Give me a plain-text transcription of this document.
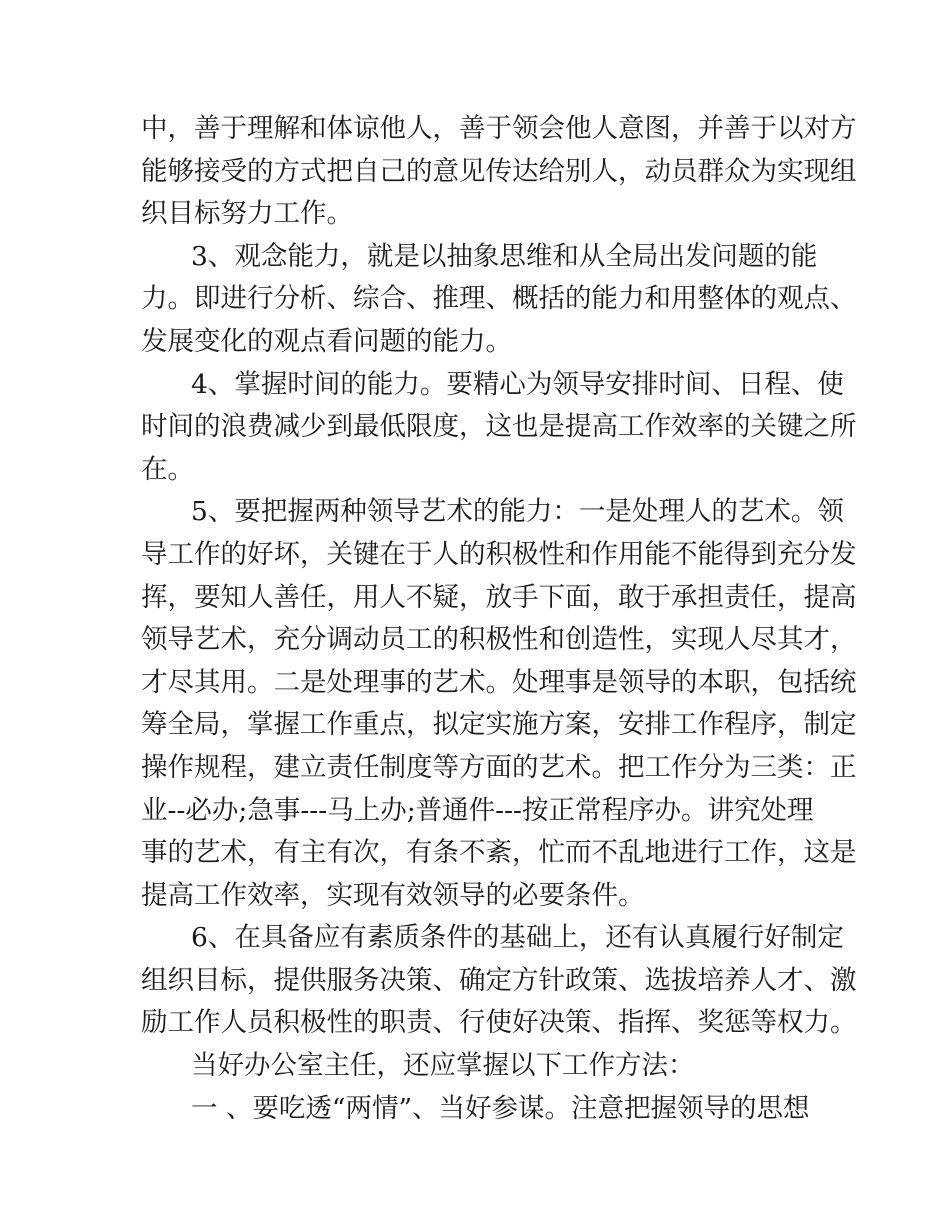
中，善于理解和体谅他人，善于领会他人意图，并善于以对方
能够接受的方式把自己的意见传达给别人，动员群众为实现组
织目标努力工作。
3、观念能力，就是以抽象思维和从全局出发问题的能
力。即进行分析、综合、推理、概括的能力和用整体的观点、
发展变化的观点看问题的能力。
4、掌握时间的能力。要精心为领导安排时间、日程、使
时间的浪费减少到最低限度，这也是提高工作效率的关键之所
在。
5、要把握两种领导艺术的能力：一是处理人的艺术。领
导工作的好坏，关键在于人的积极性和作用能不能得到充分发
挥，要知人善任，用人不疑，放手下面，敢于承担责任，提高
领导艺术，充分调动员工的积极性和创造性，实现人尽其才，
才尽其用。二是处理事的艺术。处理事是领导的本职，包括统
筹全局，掌握工作重点，拟定实施方案，安排工作程序，制定
操作规程，建立责任制度等方面的艺术。把工作分为三类：正
业--必办;急事---马上办;普通件---按正常程序办。讲究处理
事的艺术，有主有次，有条不紊，忙而不乱地进行工作，这是
提高工作效率，实现有效领导的必要条件。
6、在具备应有素质条件的基础上，还有认真履行好制定
组织目标，提供服务决策、确定方针政策、选拔培养人才、激
励工作人员积极性的职责、行使好决策、指挥、奖惩等权力。
当好办公室主任，还应掌握以下工作方法：
一 、要吃透“两情”、当好参谋。注意把握领导的思想
